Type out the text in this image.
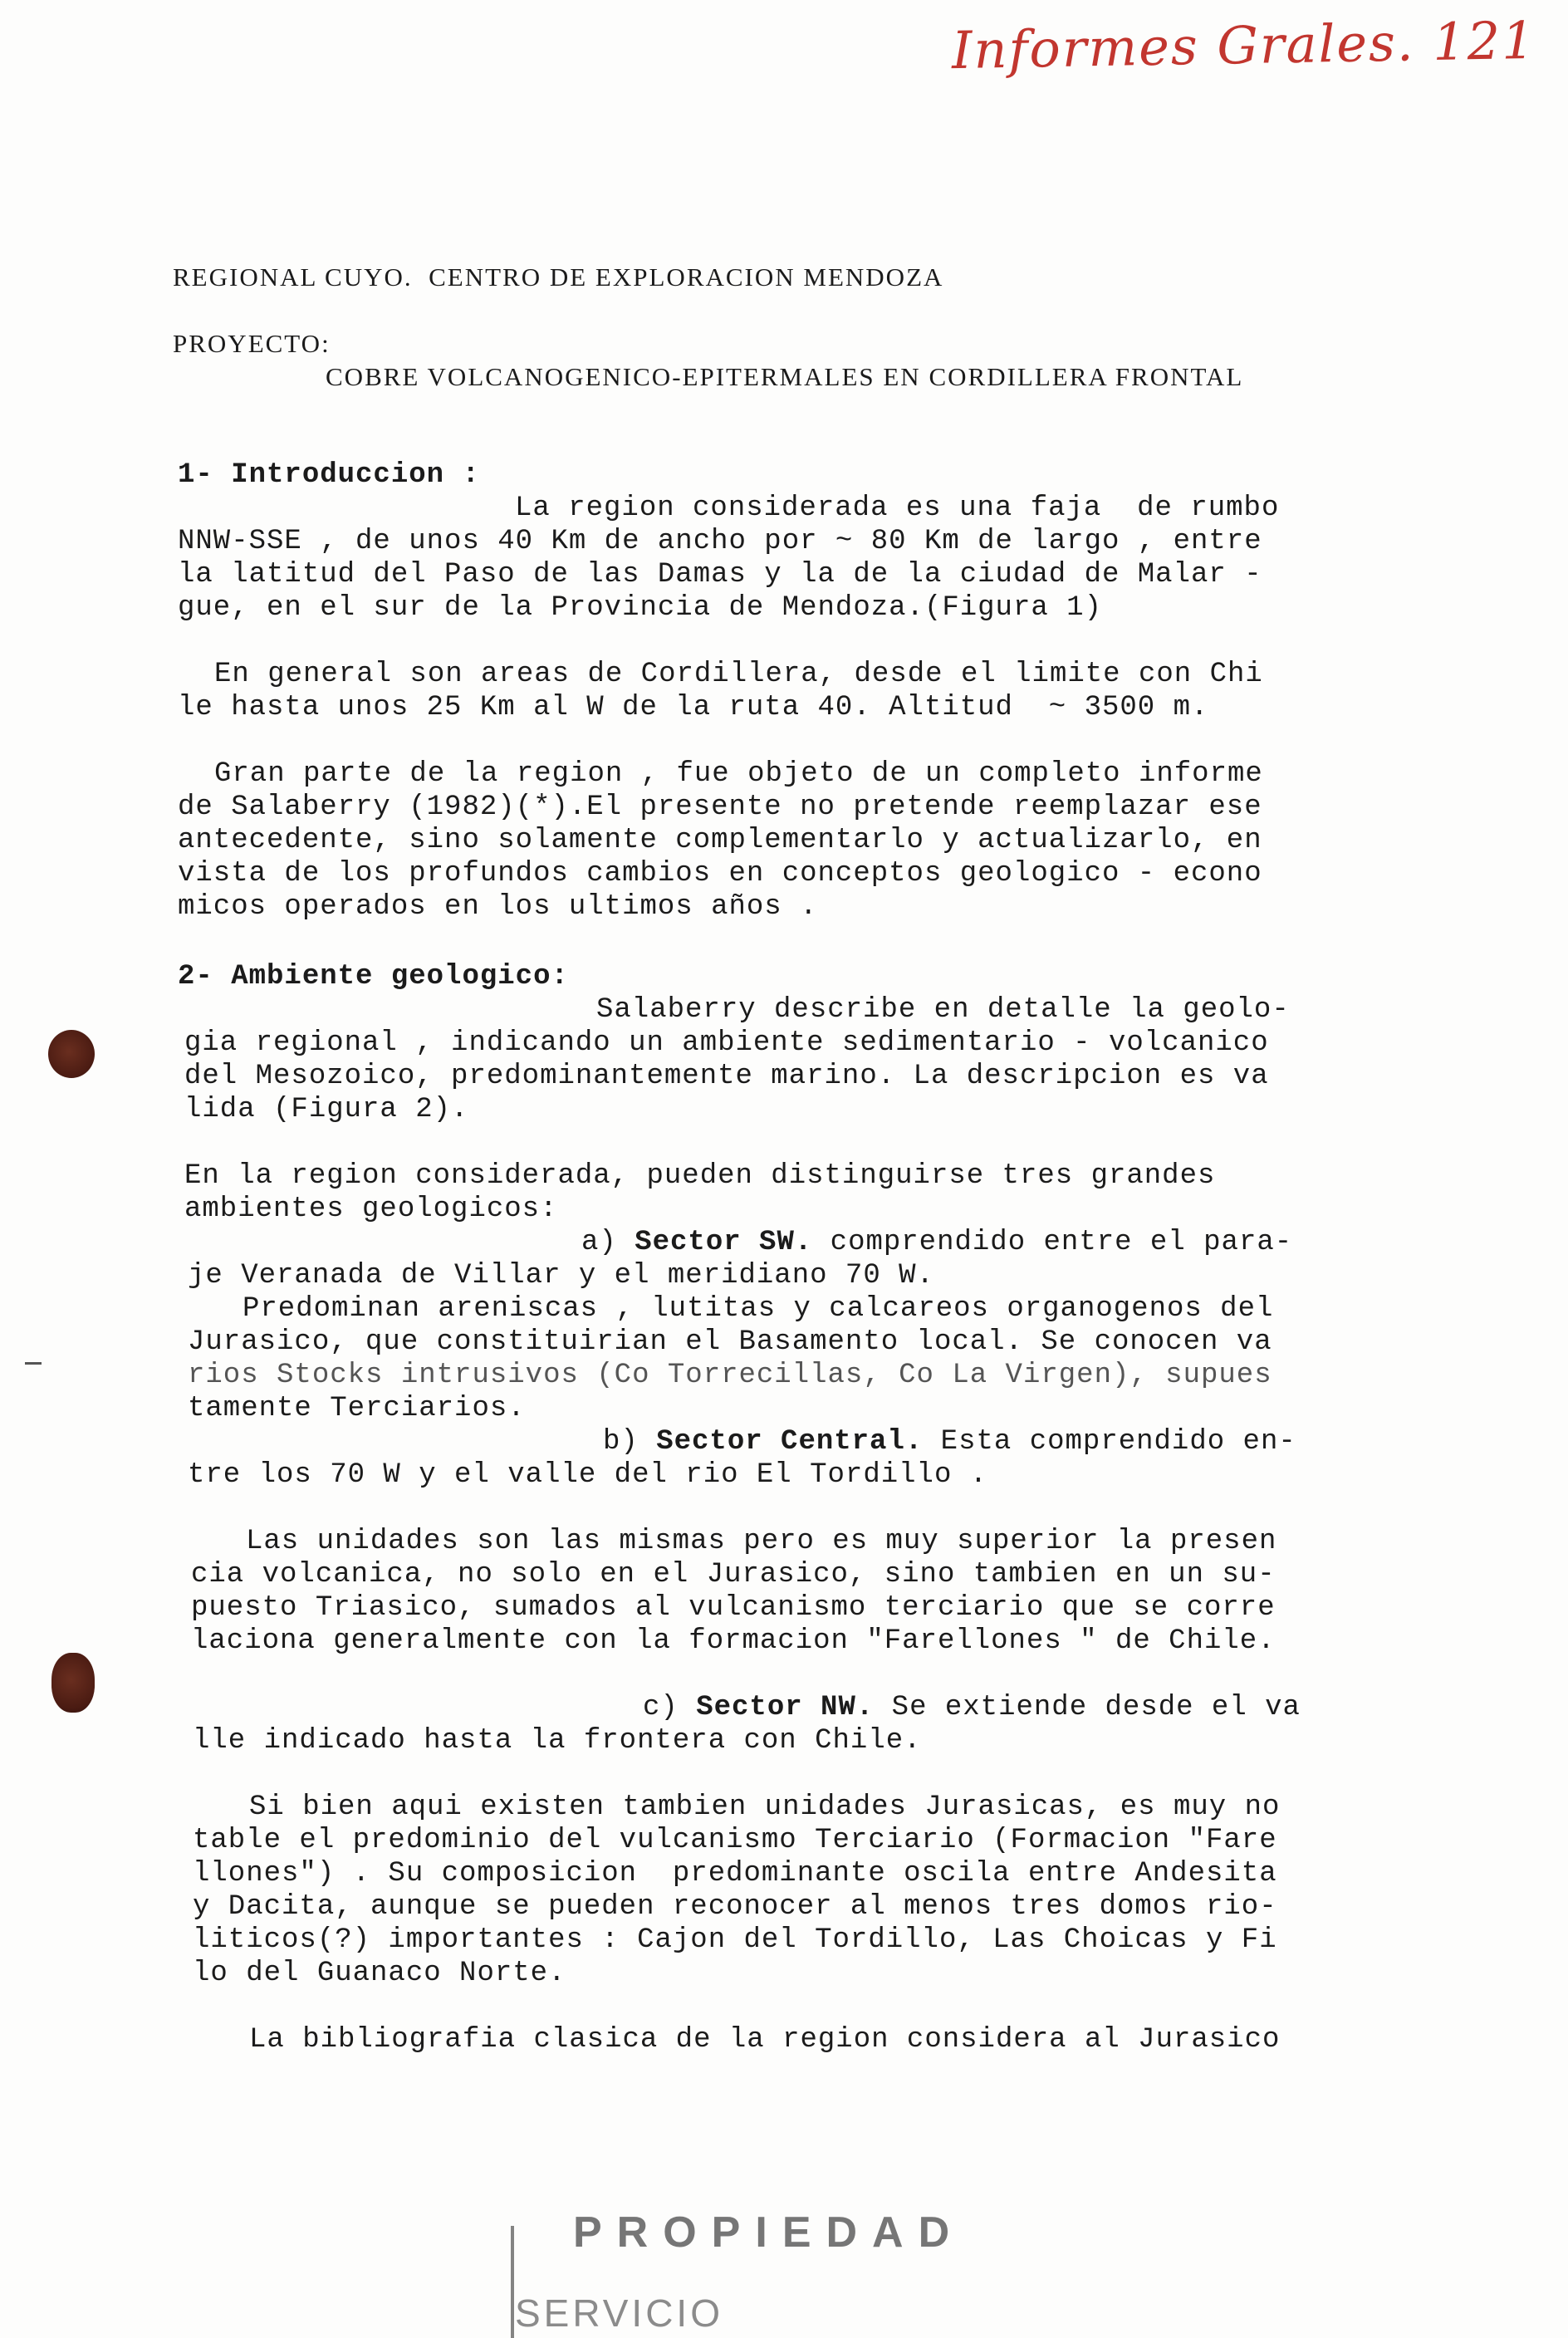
Informes Grales. 121
REGIONAL CUYO.  CENTRO DE EXPLORACION MENDOZA
PROYECTO:
COBRE VOLCANOGENICO-EPITERMALES EN CORDILLERA FRONTAL
1- Introduccion :
La region considerada es una faja  de rumbo
NNW-SSE , de unos 40 Km de ancho por ~ 80 Km de largo , entre
la latitud del Paso de las Damas y la de la ciudad de Malar -
gue, en el sur de la Provincia de Mendoza.(Figura 1)
En general son areas de Cordillera, desde el limite con Chi
le hasta unos 25 Km al W de la ruta 40. Altitud  ~ 3500 m.
Gran parte de la region , fue objeto de un completo informe
de Salaberry (1982)(*).El presente no pretende reemplazar ese
antecedente, sino solamente complementarlo y actualizarlo, en
vista de los profundos cambios en conceptos geologico - econo
micos operados en los ultimos años .
2- Ambiente geologico:
Salaberry describe en detalle la geolo-
gia regional , indicando un ambiente sedimentario - volcanico
del Mesozoico, predominantemente marino. La descripcion es va
lida (Figura 2).
En la region considerada, pueden distinguirse tres grandes
ambientes geologicos:
a) Sector SW. comprendido entre el para-
je Veranada de Villar y el meridiano 70 W.
Predominan areniscas , lutitas y calcareos organogenos del
Jurasico, que constituirian el Basamento local. Se conocen va
rios Stocks intrusivos (Co Torrecillas, Co La Virgen), supues
tamente Terciarios.
b) Sector Central. Esta comprendido en-
tre los 70 W y el valle del rio El Tordillo .
Las unidades son las mismas pero es muy superior la presen
cia volcanica, no solo en el Jurasico, sino tambien en un su-
puesto Triasico, sumados al vulcanismo terciario que se corre
laciona generalmente con la formacion "Farellones " de Chile.
c) Sector NW. Se extiende desde el va
lle indicado hasta la frontera con Chile.
Si bien aqui existen tambien unidades Jurasicas, es muy no
table el predominio del vulcanismo Terciario (Formacion "Fare
llones") . Su composicion  predominante oscila entre Andesita
y Dacita, aunque se pueden reconocer al menos tres domos rio-
liticos(?) importantes : Cajon del Tordillo, Las Choicas y Fi
lo del Guanaco Norte.
La bibliografia clasica de la region considera al Jurasico
PROPIEDAD
SERVICIO
